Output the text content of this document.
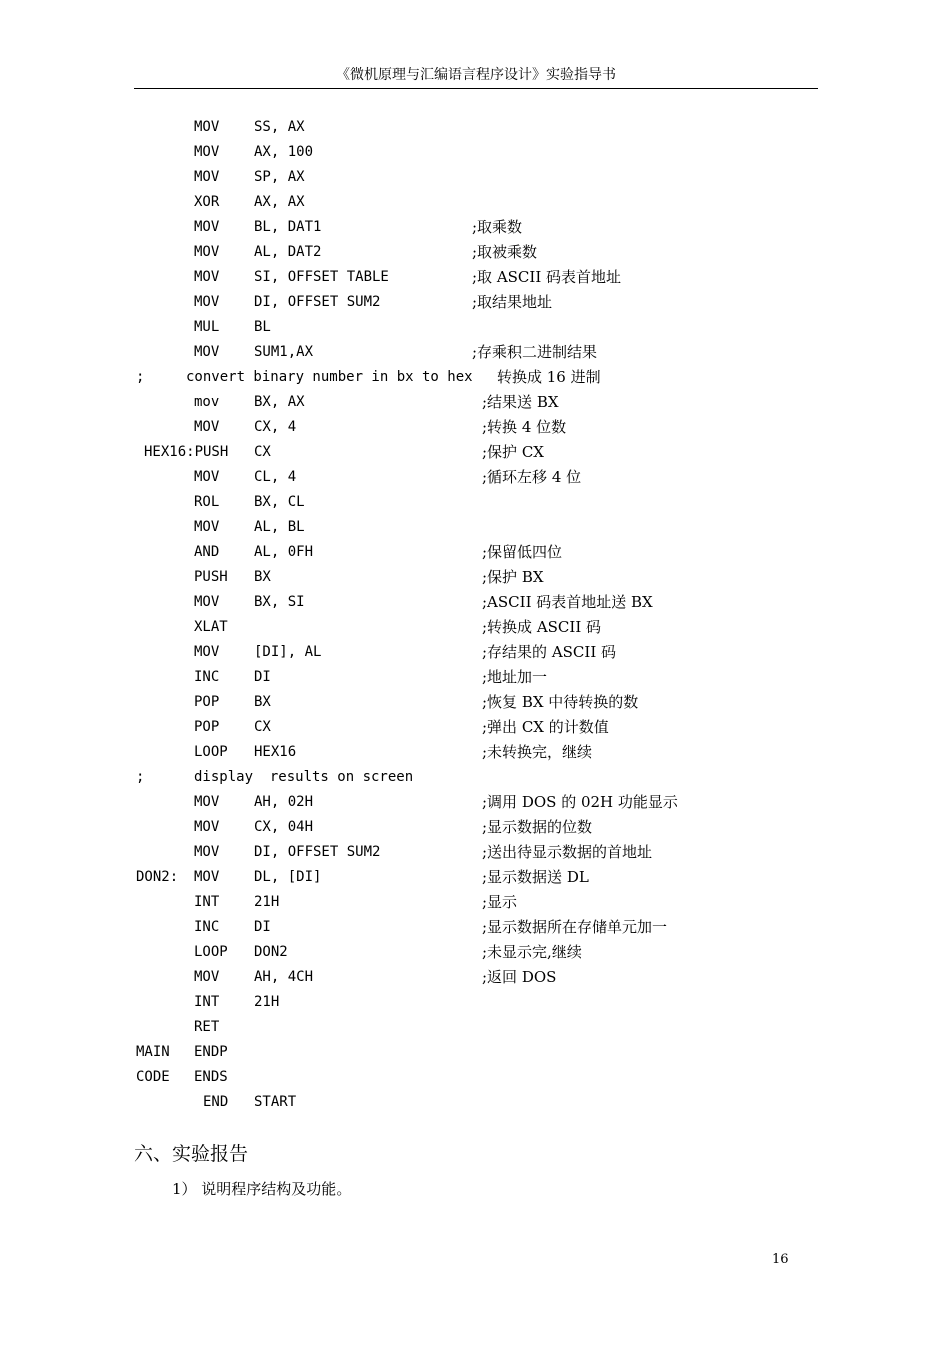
《微机原理与汇编语言程序设计》实验指导书
MOV SS, AX
MOV AX, 100
MOV SP, AX
XOR AX, AX
MOV BL, DAT1	;取乘数
MOV AL, DAT2	;取被乘数
MOV SI, OFFSET TABLE	;取 ASCII 码表首地址
MOV DI, OFFSET SUM2	;取结果地址
MUL BL
MOV SUM1,AX	;存乘积二进制结果
;	convert binary number in bx to hex 转换成 16 进制
mov BX, AX	;结果送 BX
MOV CX, 4	;转换 4 位数
HEX16:PUSH CX	;保护 CX
MOV CL, 4	;循环左移 4 位
ROL BX, CL
MOV AL, BL
AND AL, 0FH	;保留低四位
PUSH BX	;保护 BX
MOV BX, SI	;ASCII 码表首地址送 BX
XLAT	;转换成 ASCII 码
MOV [DI], AL	;存结果的 ASCII 码
INC DI	;地址加一
POP BX	;恢复 BX 中待转换的数
POP CX	;弹出 CX 的计数值
LOOP HEX16	;未转换完，继续
;	display  results on screen
MOV AH, 02H	;调用 DOS 的 02H 功能显示
MOV CX, 04H	;显示数据的位数
MOV DI, OFFSET SUM2	;送出待显示数据的首地址
DON2: MOV DL, [DI]	;显示数据送 DL
INT 21H	;显示
INC DI	;显示数据所在存储单元加一
LOOP DON2	;未显示完,继续
MOV AH, 4CH	;返回 DOS
INT 21H
RET
MAIN ENDP
CODE ENDS
END START
六、实验报告
1） 说明程序结构及功能。
16
